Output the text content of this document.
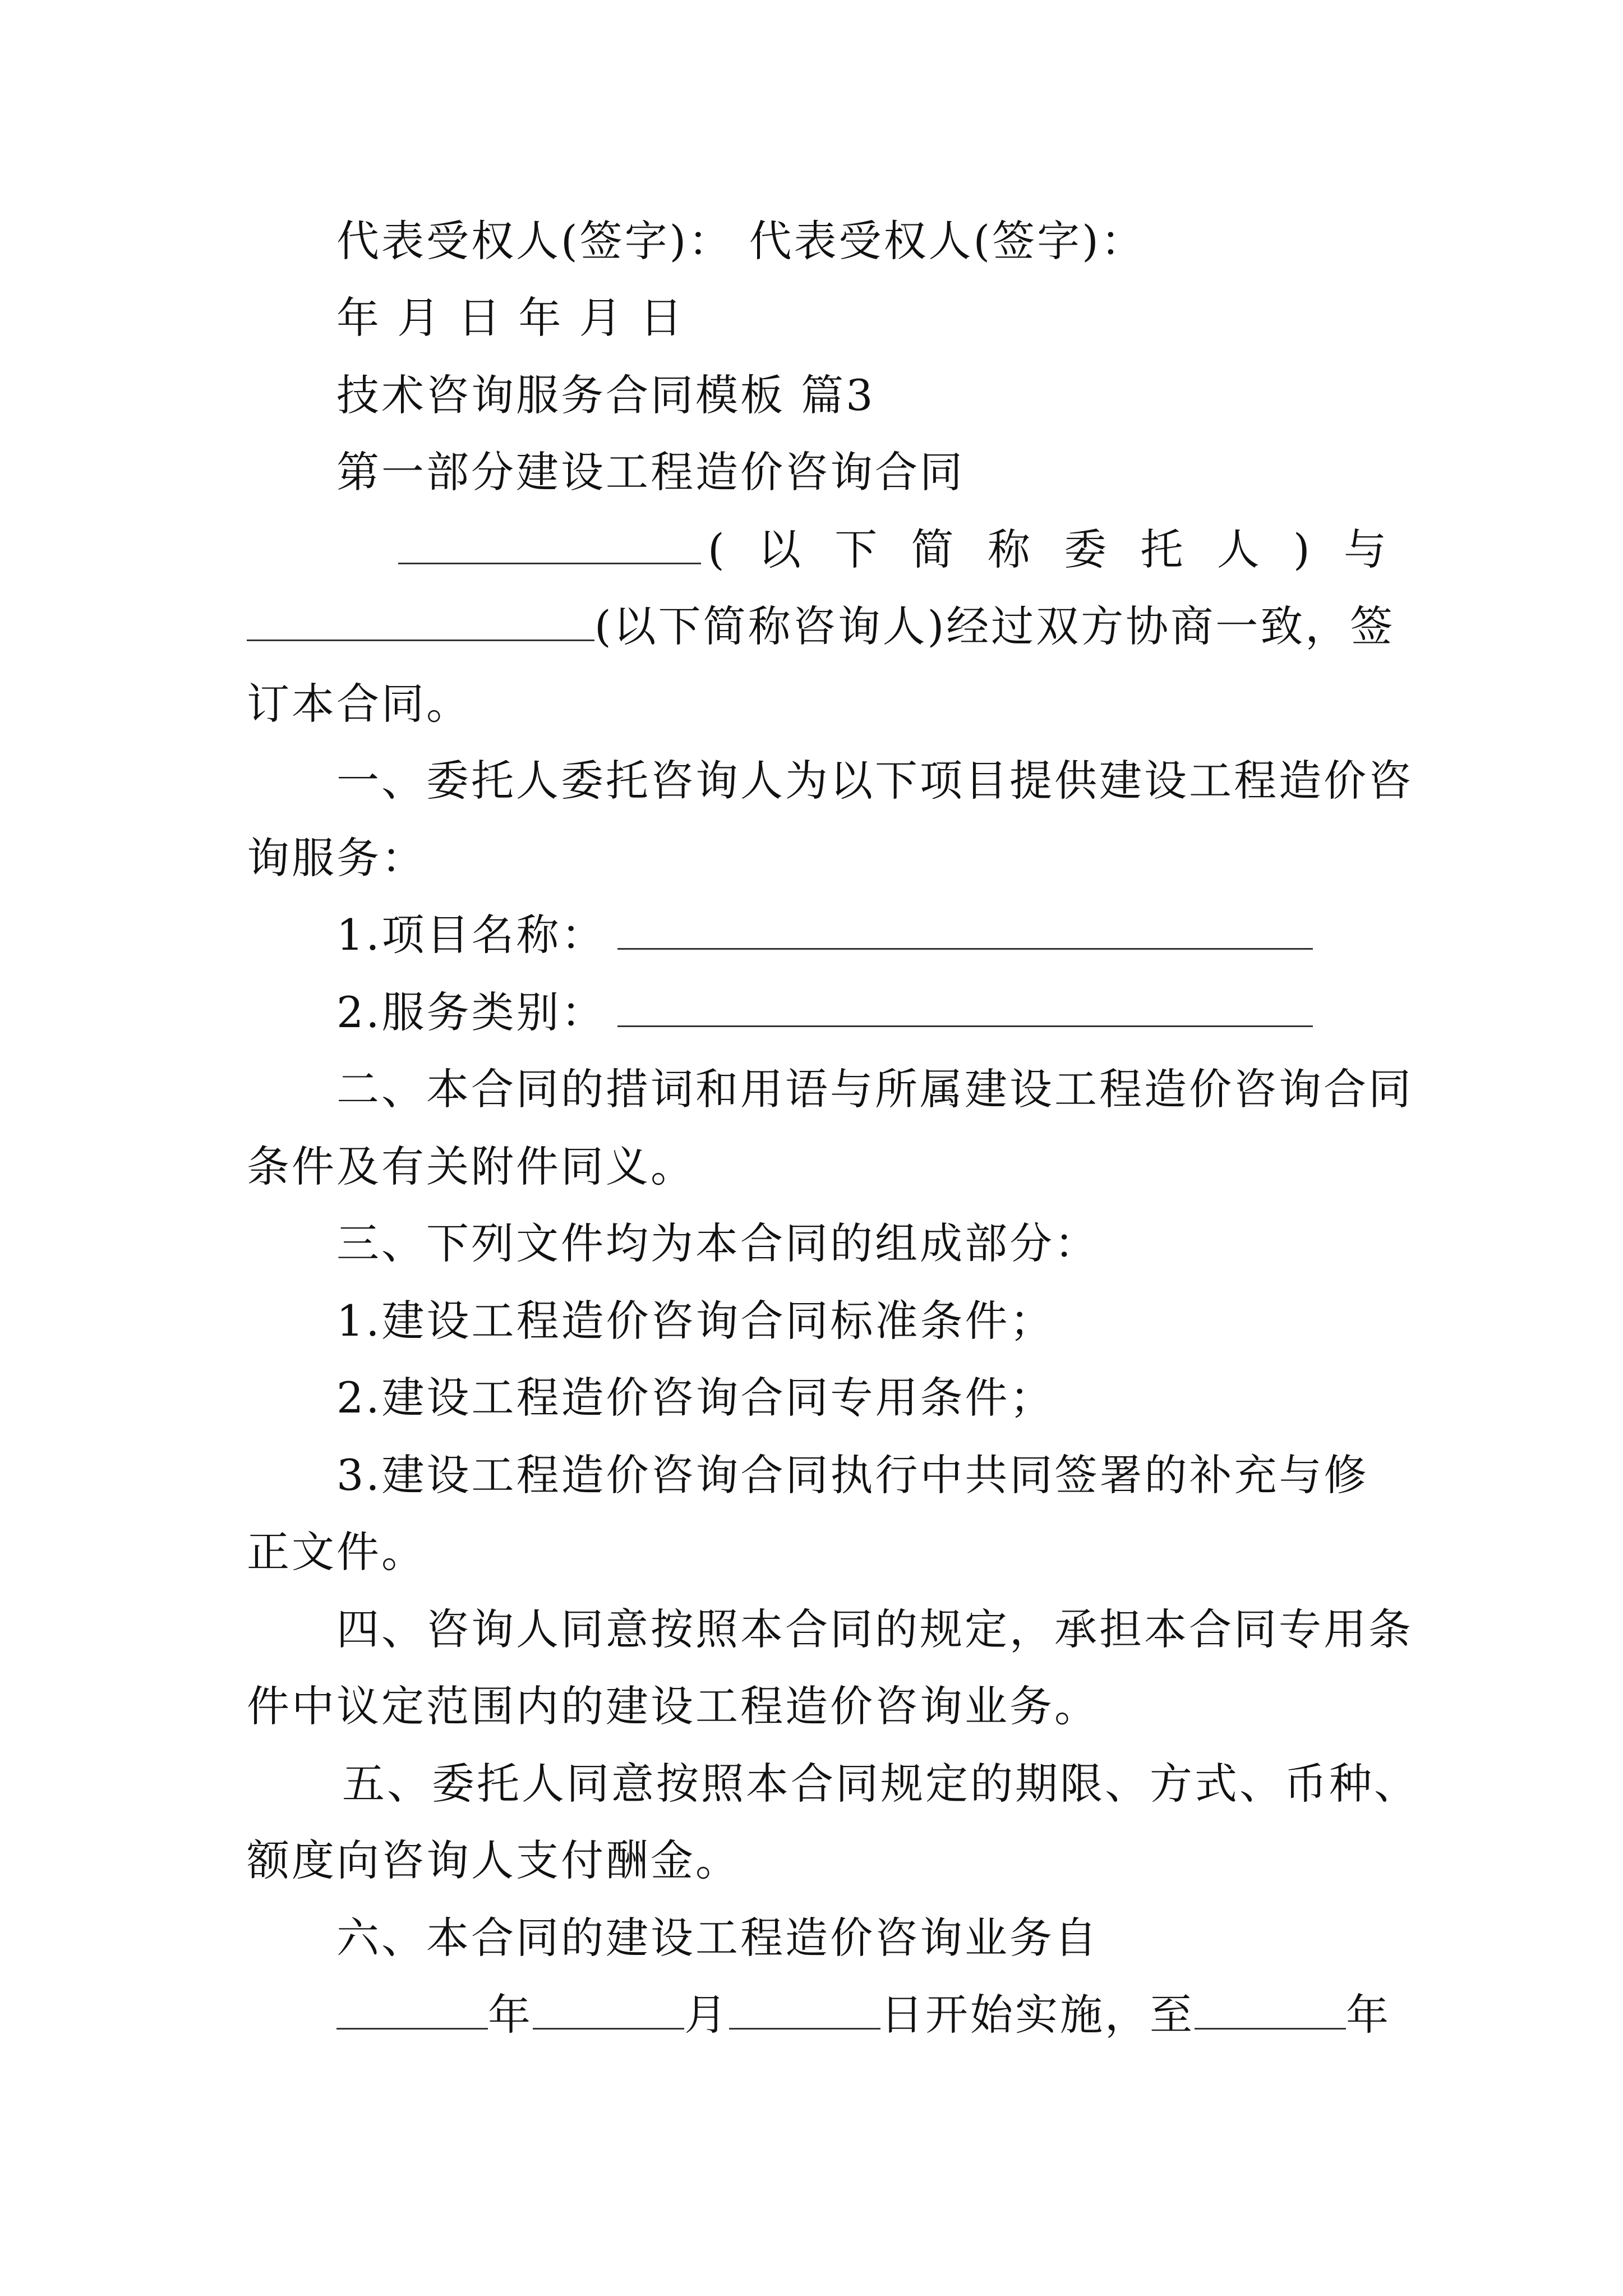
代表受权人(签字)： 代表受权人(签字)：
年 月 日 年 月 日
技术咨询服务合同模板 篇3
第一部分建设工程造价咨询合同
( 以 下 简 称 委 托 人 ) 与
(以下简称咨询人)经过双方协商一致，签
订本合同。
一、委托人委托咨询人为以下项目提供建设工程造价咨
询服务：
1.项目名称：
2.服务类别：
二、本合同的措词和用语与所属建设工程造价咨询合同
条件及有关附件同义。
三、下列文件均为本合同的组成部分：
1.建设工程造价咨询合同标准条件；
2.建设工程造价咨询合同专用条件；
3.建设工程造价咨询合同执行中共同签署的补充与修
正文件。
四、咨询人同意按照本合同的规定，承担本合同专用条
件中议定范围内的建设工程造价咨询业务。
五、委托人同意按照本合同规定的期限、方式、币种、
额度向咨询人支付酬金。
六、本合同的建设工程造价咨询业务自
年	月	日开始实施，至	年
